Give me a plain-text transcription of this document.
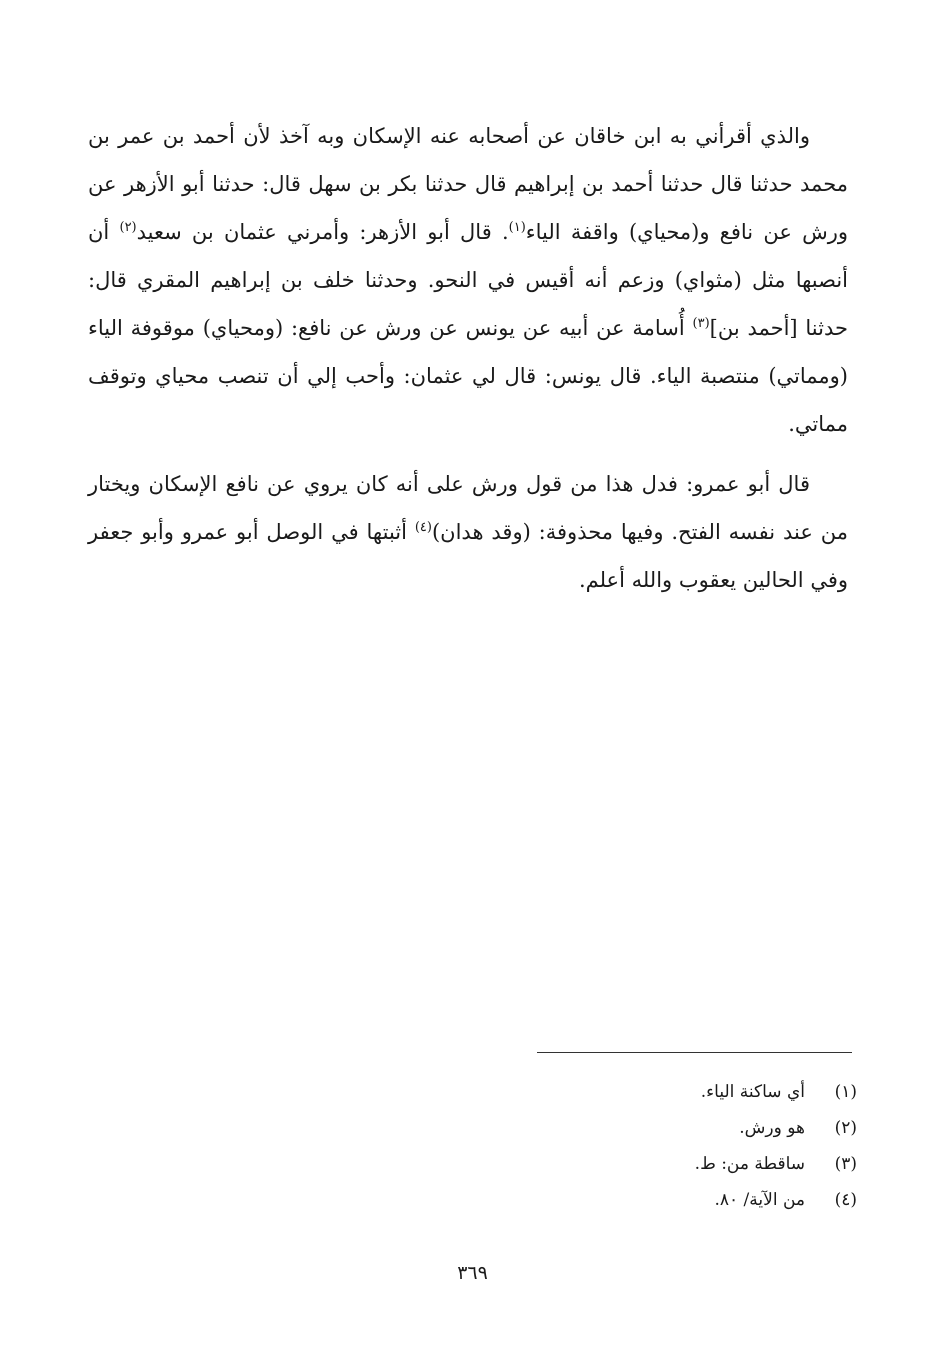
والذي أقرأني به ابن خاقان عن أصحابه عنه الإسكان وبه آخذ لأن أحمد بن عمر بن محمد حدثنا قال حدثنا أحمد بن إبراهيم قال حدثنا بكر بن سهل قال: حدثنا أبو الأزهر عن ورش عن نافع و(محياي) واقفة الياء$^{(١)}$. قال أبو الأزهر: وأمرني عثمان بن سعيد$^{(٢)}$ أن أنصبها مثل (مثواي) وزعم أنه أقيس في النحو. وحدثنا خلف بن إبراهيم المقري قال: حدثنا [أحمد بن]$^{(٣)}$ أُسامة عن أبيه عن يونس عن ورش عن نافع: (ومحياي) موقوفة الياء (ومماتي) منتصبة الياء. قال يونس: قال لي عثمان: وأحب إلي أن تنصب محياي وتوقف مماتي.

قال أبو عمرو: فدل هذا من قول ورش على أنه كان يروي عن نافع الإسكان ويختار من عند نفسه الفتح. وفيها محذوفة: (وقد هدان)$^{(٤)}$ أثبتها في الوصل أبو عمرو وأبو جعفر وفي الحالين يعقوب والله أعلم.

(١)
أي ساكنة الياء.
(٢)
هو ورش.
(٣)
ساقطة من: ط.
(٤)
من الآية/ ٨٠.
٣٦٩
